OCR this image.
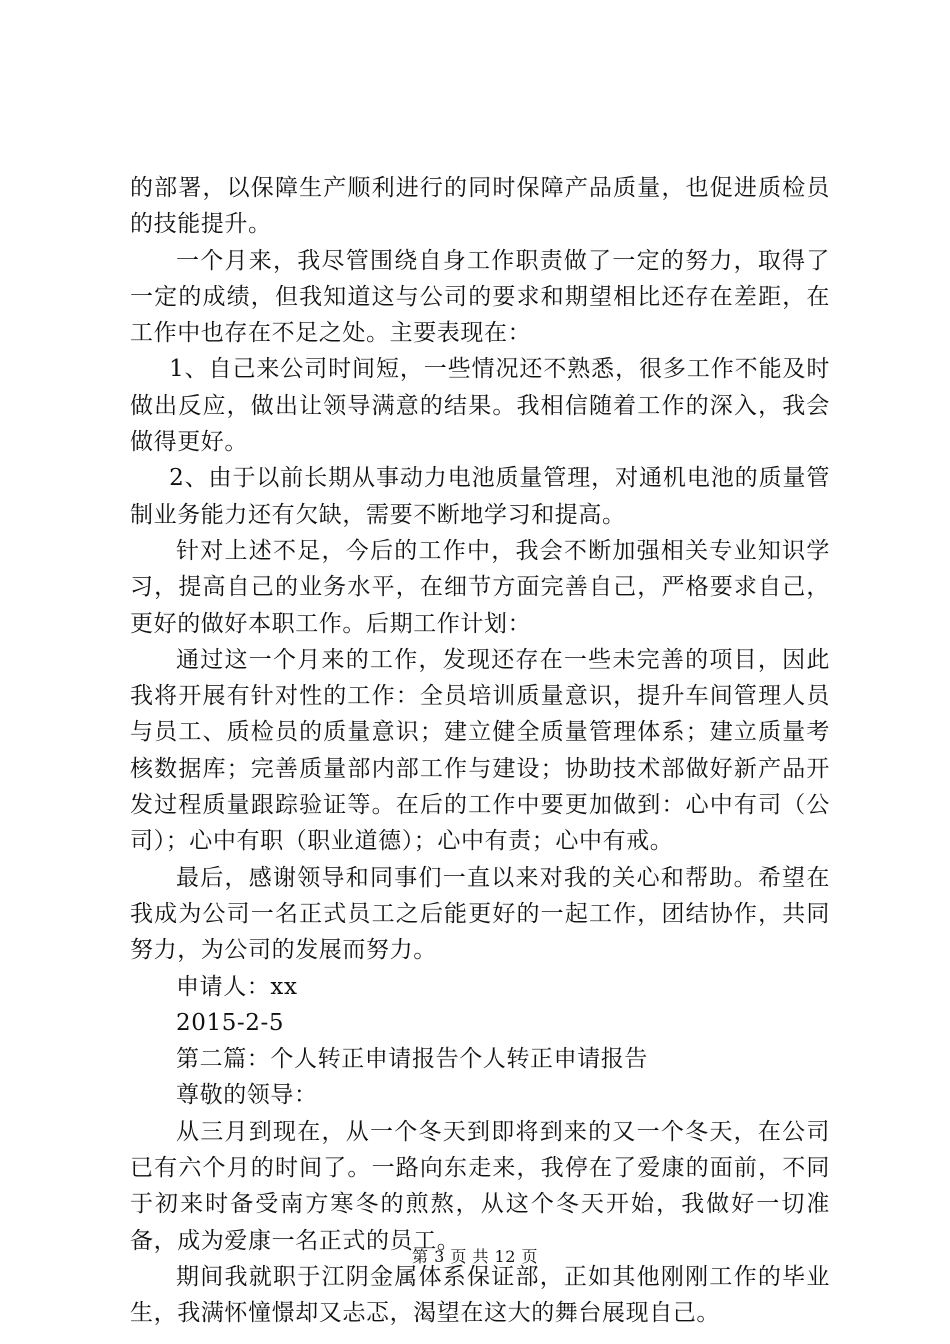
的部署，以保障生产顺利进行的同时保障产品质量，也促进质检员的技能提升。

一个月来，我尽管围绕自身工作职责做了一定的努力，取得了一定的成绩，但我知道这与公司的要求和期望相比还存在差距，在工作中也存在不足之处。主要表现在：

1、自己来公司时间短，一些情况还不熟悉，很多工作不能及时做出反应，做出让领导满意的结果。我相信随着工作的深入，我会做得更好。

2、由于以前长期从事动力电池质量管理，对通机电池的质量管制业务能力还有欠缺，需要不断地学习和提高。

针对上述不足，今后的工作中，我会不断加强相关专业知识学习，提高自己的业务水平，在细节方面完善自己，严格要求自己，更好的做好本职工作。后期工作计划：

通过这一个月来的工作，发现还存在一些未完善的项目，因此我将开展有针对性的工作：全员培训质量意识，提升车间管理人员与员工、质检员的质量意识；建立健全质量管理体系；建立质量考核数据库；完善质量部内部工作与建设；协助技术部做好新产品开发过程质量跟踪验证等。在后的工作中要更加做到：心中有司（公司）；心中有职（职业道德）；心中有责；心中有戒。

最后，感谢领导和同事们一直以来对我的关心和帮助。希望在我成为公司一名正式员工之后能更好的一起工作，团结协作，共同努力，为公司的发展而努力。

申请人：xx

2015-2-5

第二篇：个人转正申请报告个人转正申请报告

尊敬的领导：

从三月到现在，从一个冬天到即将到来的又一个冬天，在公司已有六个月的时间了。一路向东走来，我停在了爱康的面前，不同于初来时备受南方寒冬的煎熬，从这个冬天开始，我做好一切准备，成为爱康一名正式的员工。

期间我就职于江阴金属体系保证部，正如其他刚刚工作的毕业生，我满怀憧憬却又忐忑，渴望在这大的舞台展现自己。

第 3 页 共 12 页
